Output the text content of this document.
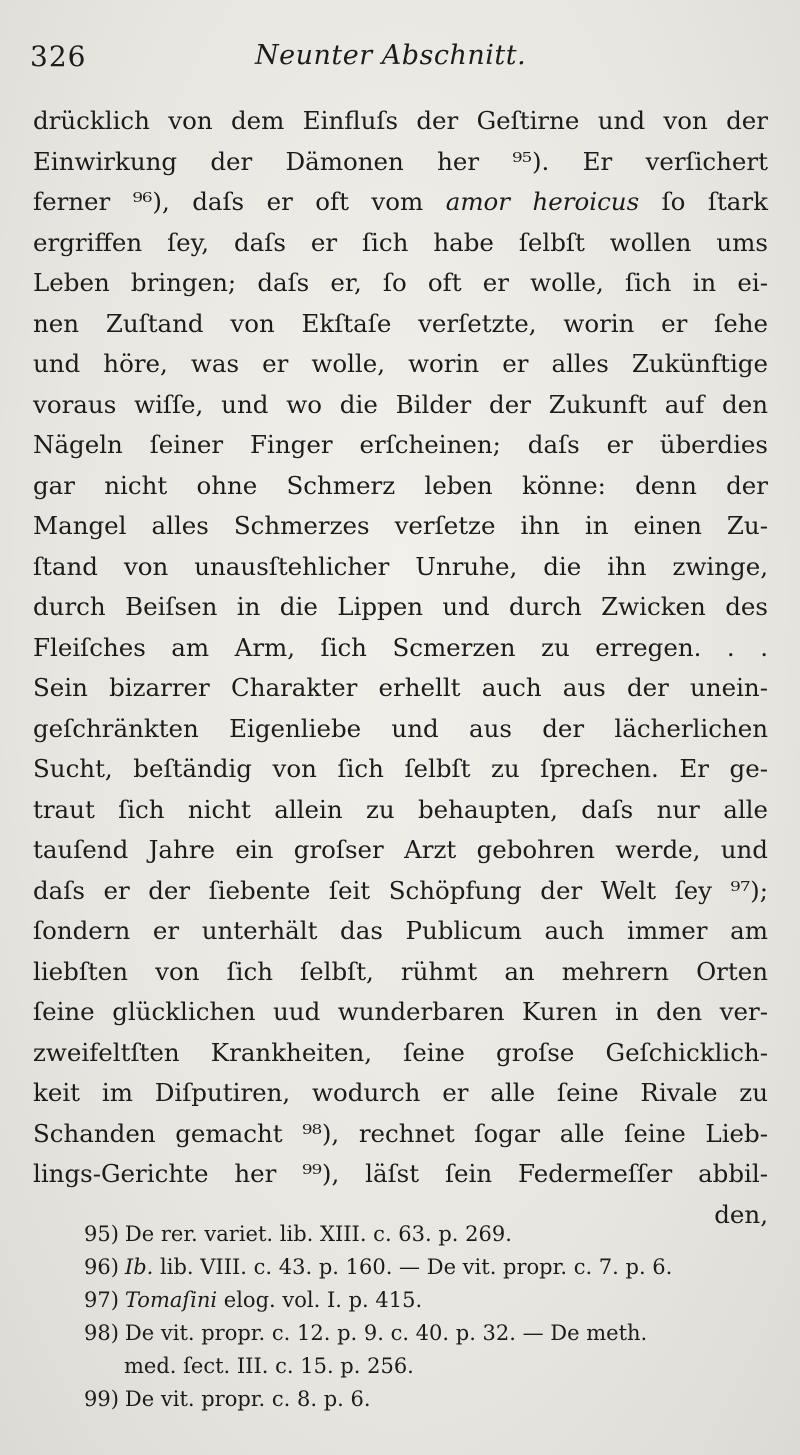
326	Neunter Abschnitt.
drücklich von dem Einfluſs der Geſtirne und von der
Einwirkung der Dämonen her ⁹⁵). Er verſichert
ferner ⁹⁶), daſs er oft vom amor heroicus ſo ſtark
ergriffen ſey, daſs er ſich habe ſelbſt wollen ums
Leben bringen; daſs er, ſo oft er wolle, ſich in ei-
nen Zuſtand von Ekſtaſe verſetzte, worin er ſehe
und höre, was er wolle, worin er alles Zukünftige
voraus wiſſe, und wo die Bilder der Zukunft auf den
Nägeln ſeiner Finger erſcheinen; daſs er überdies
gar nicht ohne Schmerz leben könne: denn der
Mangel alles Schmerzes verſetze ihn in einen Zu-
ſtand von unausſtehlicher Unruhe, die ihn zwinge,
durch Beiſsen in die Lippen und durch Zwicken des
Fleiſches am Arm, ſich Scmerzen zu erregen. . .
Sein bizarrer Charakter erhellt auch aus der unein-
geſchränkten Eigenliebe und aus der lächerlichen
Sucht, beſtändig von ſich ſelbſt zu ſprechen. Er ge-
traut ſich nicht allein zu behaupten, daſs nur alle
tauſend Jahre ein groſser Arzt gebohren werde, und
daſs er der ſiebente ſeit Schöpfung der Welt ſey ⁹⁷);
ſondern er unterhält das Publicum auch immer am
liebſten von ſich ſelbſt, rühmt an mehrern Orten
ſeine glücklichen uud wunderbaren Kuren in den ver-
zweifeltſten Krankheiten, ſeine groſse Geſchicklich-
keit im Diſputiren, wodurch er alle ſeine Rivale zu
Schanden gemacht ⁹⁸), rechnet ſogar alle ſeine Lieb-
lings-Gerichte her ⁹⁹), läſst ſein Federmeſſer abbil-
den,
95) De rer. variet. lib. XIII. c. 63. p. 269.
96) Ib. lib. VIII. c. 43. p. 160. — De vit. propr. c. 7. p. 6.
97) Tomaſini elog. vol. I. p. 415.
98) De vit. propr. c. 12. p. 9. c. 40. p. 32. — De meth.
med. ſect. III. c. 15. p. 256.
99) De vit. propr. c. 8. p. 6.
